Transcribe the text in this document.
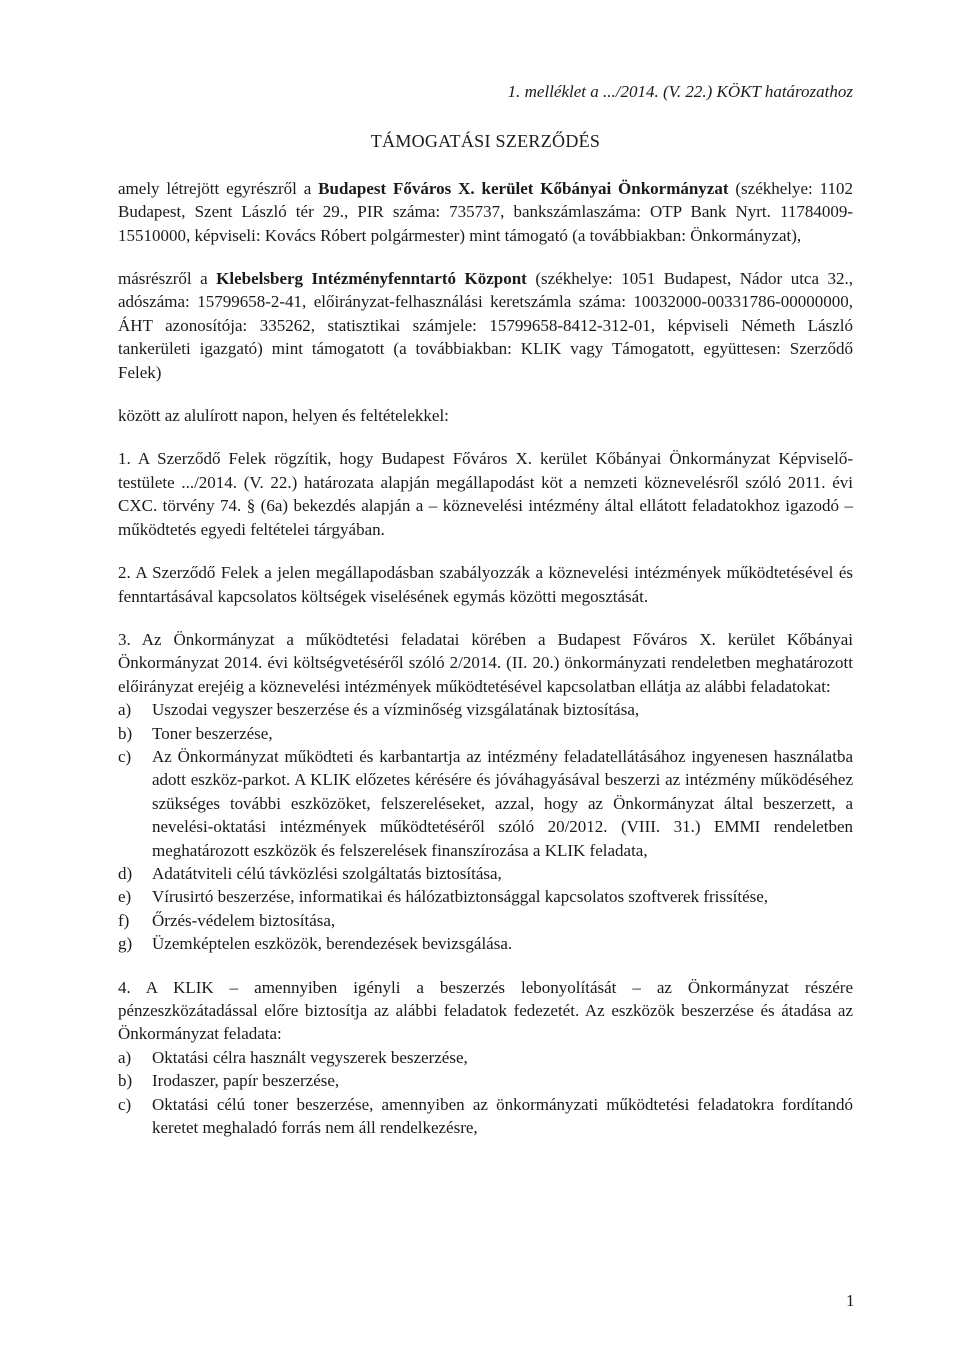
1. melléklet a .../2014. (V. 22.) KÖKT határozathoz

TÁMOGATÁSI SZERZŐDÉS

amely létrejött egyrészről a Budapest Főváros X. kerület Kőbányai Önkormányzat (székhelye: 1102 Budapest, Szent László tér 29., PIR száma: 735737, bankszámlaszáma: OTP Bank Nyrt. 11784009-15510000, képviseli: Kovács Róbert polgármester) mint támogató (a továbbiakban: Önkormányzat),

másrészről a Klebelsberg Intézményfenntartó Központ (székhelye: 1051 Budapest, Nádor utca 32., adószáma: 15799658-2-41, előirányzat-felhasználási keretszámla száma: 10032000-00331786-00000000, ÁHT azonosítója: 335262, statisztikai számjele: 15799658-8412-312-01, képviseli Németh László tankerületi igazgató) mint támogatott (a továbbiakban: KLIK vagy Támogatott, együttesen: Szerződő Felek)

között az alulírott napon, helyen és feltételekkel:

1. A Szerződő Felek rögzítik, hogy Budapest Főváros X. kerület Kőbányai Önkormányzat Képviselő-testülete .../2014. (V. 22.) határozata alapján megállapodást köt a nemzeti köznevelésről szóló 2011. évi CXC. törvény 74. § (6a) bekezdés alapján a – köznevelési intézmény által ellátott feladatokhoz igazodó – működtetés egyedi feltételei tárgyában.

2. A Szerződő Felek a jelen megállapodásban szabályozzák a köznevelési intézmények működtetésével és fenntartásával kapcsolatos költségek viselésének egymás közötti megosztását.

3. Az Önkormányzat a működtetési feladatai körében a Budapest Főváros X. kerület Kőbányai Önkormányzat 2014. évi költségvetéséről szóló 2/2014. (II. 20.) önkormányzati rendeletben meghatározott előirányzat erejéig a köznevelési intézmények működtetésével kapcsolatban ellátja az alábbi feladatokat:

a)	Uszodai vegyszer beszerzése és a vízminőség vizsgálatának biztosítása,
b)	Toner beszerzése,
c)	Az Önkormányzat működteti és karbantartja az intézmény feladatellátásához ingyenesen használatba adott eszköz-parkot. A KLIK előzetes kérésére és jóváhagyásával beszerzi az intézmény működéséhez szükséges további eszközöket, felszereléseket, azzal, hogy az Önkormányzat által beszerzett, a nevelési-oktatási intézmények működtetéséről szóló 20/2012. (VIII. 31.) EMMI rendeletben meghatározott eszközök és felszerelések finanszírozása a KLIK feladata,
d)	Adatátviteli célú távközlési szolgáltatás biztosítása,
e)	Vírusirtó beszerzése, informatikai és hálózatbiztonsággal kapcsolatos szoftverek frissítése,
f)	Őrzés-védelem biztosítása,
g)	Üzemképtelen eszközök, berendezések bevizsgálása.

4. A KLIK – amennyiben igényli a beszerzés lebonyolítását – az Önkormányzat részére pénzeszközátadással előre biztosítja az alábbi feladatok fedezetét. Az eszközök beszerzése és átadása az Önkormányzat feladata:

a)	Oktatási célra használt vegyszerek beszerzése,
b)	Irodaszer, papír beszerzése,
c)	Oktatási célú toner beszerzése, amennyiben az önkormányzati működtetési feladatokra fordítandó keretet meghaladó forrás nem áll rendelkezésre,
1
